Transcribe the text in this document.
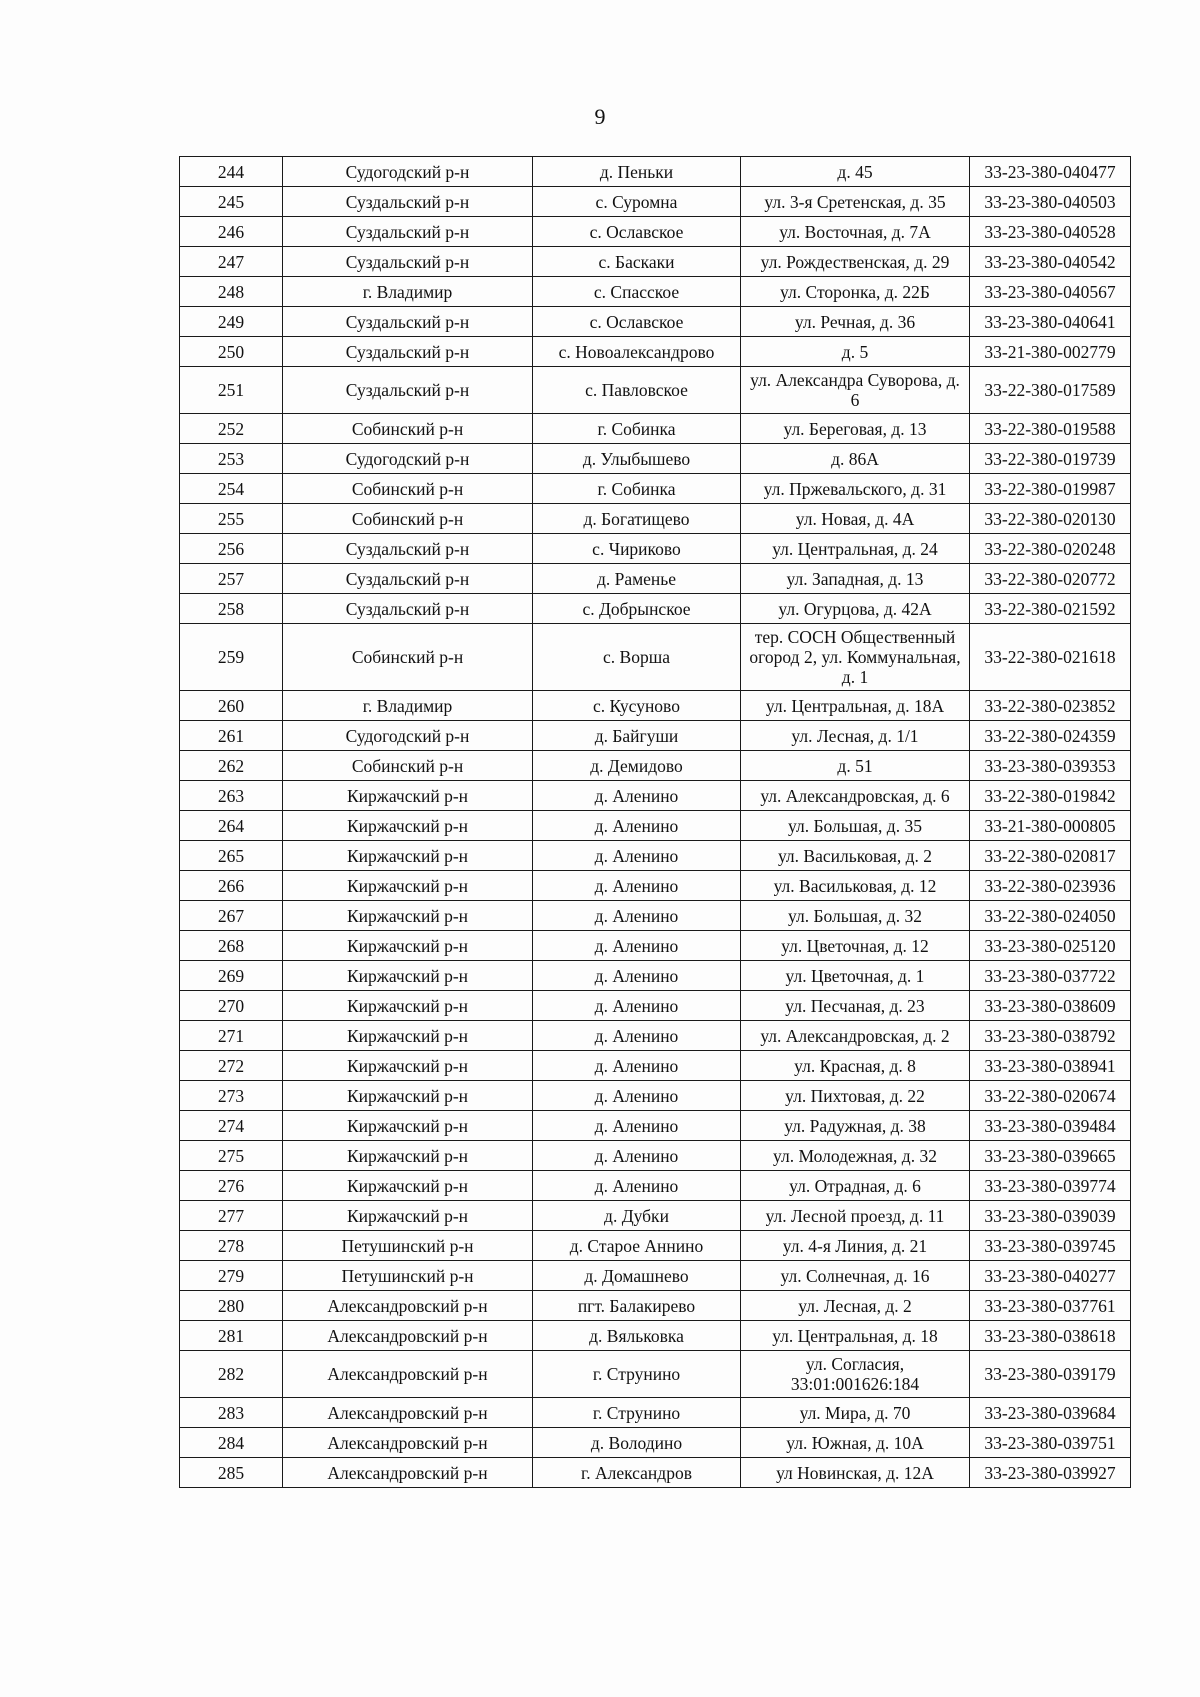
9
244	Судогодский р-н	д. Пеньки	д. 45	33-23-380-040477
245	Суздальский р-н	с. Суромна	ул. 3-я Сретенская, д. 35	33-23-380-040503
246	Суздальский р-н	с. Ославское	ул. Восточная, д. 7А	33-23-380-040528
247	Суздальский р-н	с. Баскаки	ул. Рождественская, д. 29	33-23-380-040542
248	г. Владимир	с. Спасское	ул. Сторонка, д. 22Б	33-23-380-040567
249	Суздальский р-н	с. Ославское	ул. Речная, д. 36	33-23-380-040641
250	Суздальский р-н	с. Новоалександрово	д. 5	33-21-380-002779
251	Суздальский р-н	с. Павловское	ул. Александра Суворова, д. 6	33-22-380-017589
252	Собинский р-н	г. Собинка	ул. Береговая, д. 13	33-22-380-019588
253	Судогодский р-н	д. Улыбышево	д. 86А	33-22-380-019739
254	Собинский р-н	г. Собинка	ул. Пржевальского, д. 31	33-22-380-019987
255	Собинский р-н	д. Богатищево	ул. Новая, д. 4А	33-22-380-020130
256	Суздальский р-н	с. Чириково	ул. Центральная, д. 24	33-22-380-020248
257	Суздальский р-н	д. Раменье	ул. Западная, д. 13	33-22-380-020772
258	Суздальский р-н	с. Добрынское	ул. Огурцова, д. 42А	33-22-380-021592
259	Собинский р-н	с. Ворша	тер. СОСН Общественный огород 2, ул. Коммунальная, д. 1	33-22-380-021618
260	г. Владимир	с. Кусуново	ул. Центральная, д. 18А	33-22-380-023852
261	Судогодский р-н	д. Байгуши	ул. Лесная, д. 1/1	33-22-380-024359
262	Собинский р-н	д. Демидово	д. 51	33-23-380-039353
263	Киржачский р-н	д. Аленино	ул. Александровская, д. 6	33-22-380-019842
264	Киржачский р-н	д. Аленино	ул. Большая, д. 35	33-21-380-000805
265	Киржачский р-н	д. Аленино	ул. Васильковая, д. 2	33-22-380-020817
266	Киржачский р-н	д. Аленино	ул. Васильковая, д. 12	33-22-380-023936
267	Киржачский р-н	д. Аленино	ул. Большая, д. 32	33-22-380-024050
268	Киржачский р-н	д. Аленино	ул. Цветочная, д. 12	33-23-380-025120
269	Киржачский р-н	д. Аленино	ул. Цветочная, д. 1	33-23-380-037722
270	Киржачский р-н	д. Аленино	ул. Песчаная, д. 23	33-23-380-038609
271	Киржачский р-н	д. Аленино	ул. Александровская, д. 2	33-23-380-038792
272	Киржачский р-н	д. Аленино	ул. Красная, д. 8	33-23-380-038941
273	Киржачский р-н	д. Аленино	ул. Пихтовая, д. 22	33-22-380-020674
274	Киржачский р-н	д. Аленино	ул. Радужная, д. 38	33-23-380-039484
275	Киржачский р-н	д. Аленино	ул. Молодежная, д. 32	33-23-380-039665
276	Киржачский р-н	д. Аленино	ул. Отрадная, д. 6	33-23-380-039774
277	Киржачский р-н	д. Дубки	ул. Лесной проезд, д. 11	33-23-380-039039
278	Петушинский р-н	д. Старое Аннино	ул. 4-я Линия, д. 21	33-23-380-039745
279	Петушинский р-н	д. Домашнево	ул. Солнечная, д. 16	33-23-380-040277
280	Александровский р-н	пгт. Балакирево	ул. Лесная, д. 2	33-23-380-037761
281	Александровский р-н	д. Вяльковка	ул. Центральная, д. 18	33-23-380-038618
282	Александровский р-н	г. Струнино	ул. Согласия, 33:01:001626:184	33-23-380-039179
283	Александровский р-н	г. Струнино	ул. Мира, д. 70	33-23-380-039684
284	Александровский р-н	д. Володино	ул. Южная, д. 10А	33-23-380-039751
285	Александровский р-н	г. Александров	ул Новинская, д. 12А	33-23-380-039927
